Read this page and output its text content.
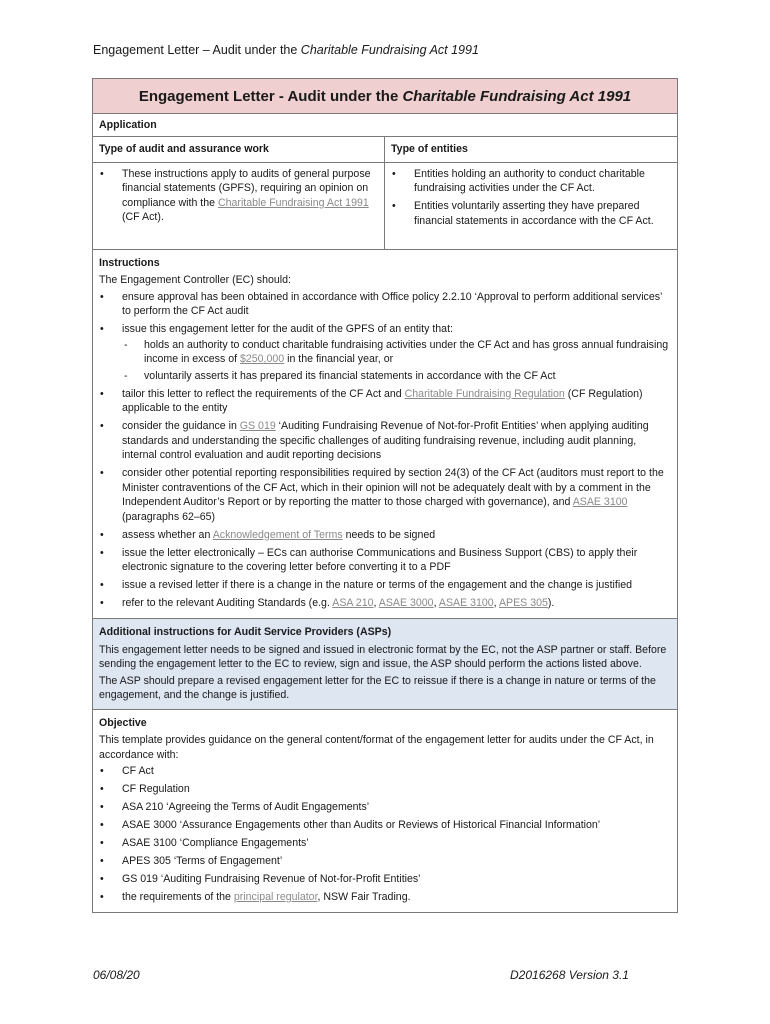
Engagement Letter – Audit under the Charitable Fundraising Act 1991
Engagement Letter - Audit under the
Charitable Fundraising Act 1991
Application
Type of audit and assurance work
• These instructions apply to audits of general purpose financial statements (GPFS), requiring an opinion on compliance with the Charitable Fundraising Act 1991 (CF Act).
Type of entities
• Entities holding an authority to conduct charitable fundraising activities under the CF Act.
• Entities voluntarily asserting they have prepared financial statements in accordance with the CF Act.
Instructions

The Engagement Controller (EC) should:

• ensure approval has been obtained in accordance with Office policy 2.2.10 ‘Approval to perform additional services’ to perform the CF Act audit
• issue this engagement letter for the audit of the GPFS of an entity that:
- holds an authority to conduct charitable fundraising activities under the CF Act and has gross annual fundraising income in excess of $250,000 in the financial year, or
- voluntarily asserts it has prepared its financial statements in accordance with the CF Act
• tailor this letter to reflect the requirements of the CF Act and Charitable Fundraising Regulation (CF Regulation) applicable to the entity
• consider the guidance in GS 019 ‘Auditing Fundraising Revenue of Not-for-Profit Entities’ when applying auditing standards and understanding the specific challenges of auditing fundraising revenue, including audit planning, internal control evaluation and audit reporting decisions
• consider other potential reporting responsibilities required by section 24(3) of the CF Act (auditors must report to the Minister contraventions of the CF Act, which in their opinion will not be adequately dealt with by a comment in the Independent Auditor’s Report or by reporting the matter to those charged with governance), and ASAE 3100 (paragraphs 62–65)
• assess whether an Acknowledgement of Terms needs to be signed
• issue the letter electronically – ECs can authorise Communications and Business Support (CBS) to apply their electronic signature to the covering letter before converting it to a PDF
• issue a revised letter if there is a change in the nature or terms of the engagement and the change is justified
• refer to the relevant Auditing Standards (e.g. ASA 210, ASAE 3000, ASAE 3100, APES 305).
Additional instructions for Audit Service Providers (ASPs)

This engagement letter needs to be signed and issued in electronic format by the EC, not the ASP partner or staff. Before sending the engagement letter to the EC to review, sign and issue, the ASP should perform the actions listed above.

The ASP should prepare a revised engagement letter for the EC to reissue if there is a change in nature or terms of the engagement, and the change is justified.

Objective

This template provides guidance on the general content/format of the engagement letter for audits under the CF Act, in accordance with:

• CF Act
• CF Regulation
• ASA 210 ‘Agreeing the Terms of Audit Engagements’
• ASAE 3000 ‘Assurance Engagements other than Audits or Reviews of Historical Financial Information’
• ASAE 3100 ‘Compliance Engagements’
• APES 305 ‘Terms of Engagement’
• GS 019 ‘Auditing Fundraising Revenue of Not-for-Profit Entities’
• the requirements of the principal regulator, NSW Fair Trading.
06/08/20	D2016268 Version 3.1
